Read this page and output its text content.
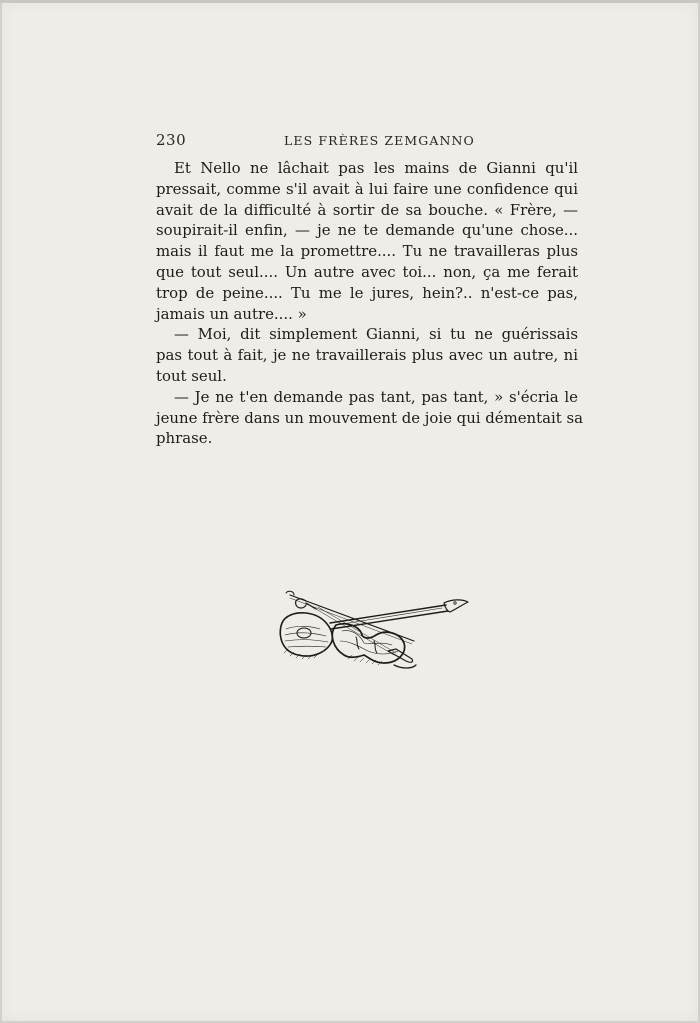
230	LES FRÈRES ZEMGANNO

Et Nello ne lâchait pas les mains de Gianni qu'il
pressait, comme s'il avait à lui faire une confidence qui
avait de la difficulté à sortir de sa bouche. « Frère, —
soupirait-il enfin, — je ne te demande qu'une chose...
mais il faut me la promettre.... Tu ne travailleras plus
que tout seul.... Un autre avec toi... non, ça me ferait
trop de peine.... Tu me le jures, hein?.. n'est-ce pas,
jamais un autre.... »

— Moi, dit simplement Gianni, si tu ne guérissais
pas tout à fait, je ne travaillerais plus avec un autre, ni
tout seul.

— Je ne t'en demande pas tant, pas tant, » s'écria le
jeune frère dans un mouvement de joie qui démentait sa
phrase.
